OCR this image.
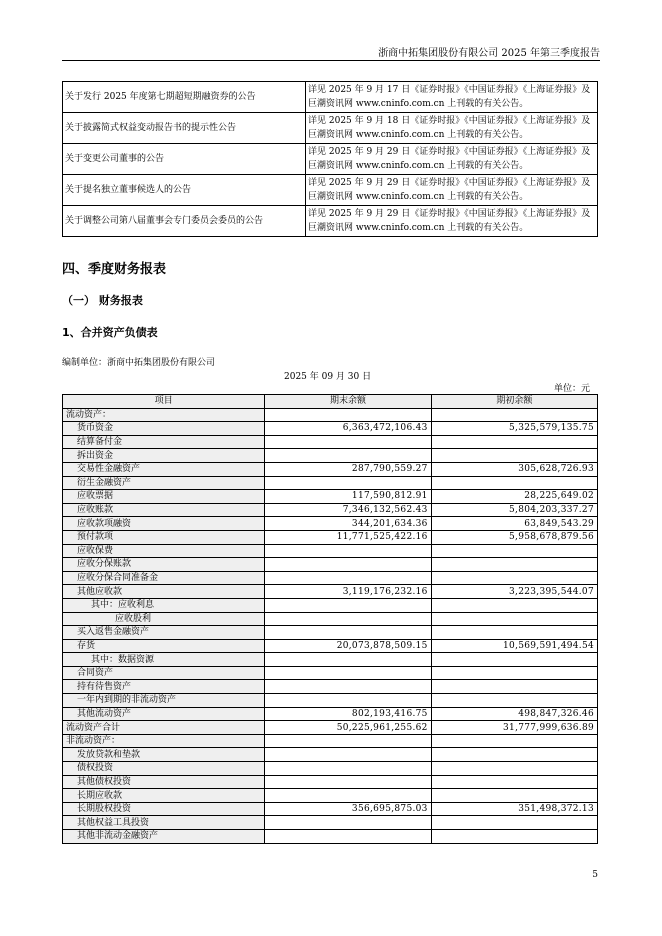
浙商中拓集团股份有限公司 2025 年第三季度报告
关于发行 2025 年度第七期超短期融资券的公告	详见 2025 年 9 月 17 日《证券时报》《中国证券报》《上海证券报》及巨潮资讯网 www.cninfo.com.cn 上刊载的有关公告。
关于披露简式权益变动报告书的提示性公告	详见 2025 年 9 月 18 日《证券时报》《中国证券报》《上海证券报》及巨潮资讯网 www.cninfo.com.cn 上刊载的有关公告。
关于变更公司董事的公告	详见 2025 年 9 月 29 日《证券时报》《中国证券报》《上海证券报》及巨潮资讯网 www.cninfo.com.cn 上刊载的有关公告。
关于提名独立董事候选人的公告	详见 2025 年 9 月 29 日《证券时报》《中国证券报》《上海证券报》及巨潮资讯网 www.cninfo.com.cn 上刊载的有关公告。
关于调整公司第八届董事会专门委员会委员的公告	详见 2025 年 9 月 29 日《证券时报》《中国证券报》《上海证券报》及巨潮资讯网 www.cninfo.com.cn 上刊载的有关公告。
四、季度财务报表
（一） 财务报表
1、合并资产负债表
编制单位：浙商中拓集团股份有限公司
2025 年 09 月 30 日
单位：元
项目	期末余额	期初余额
流动资产：		
货币资金	6,363,472,106.43	5,325,579,135.75
结算备付金		
拆出资金		
交易性金融资产	287,790,559.27	305,628,726.93
衍生金融资产		
应收票据	117,590,812.91	28,225,649.02
应收账款	7,346,132,562.43	5,804,203,337.27
应收款项融资	344,201,634.36	63,849,543.29
预付款项	11,771,525,422.16	5,958,678,879.56
应收保费		
应收分保账款		
应收分保合同准备金		
其他应收款	3,119,176,232.16	3,223,395,544.07
其中：应收利息		
应收股利		
买入返售金融资产		
存货	20,073,878,509.15	10,569,591,494.54
其中：数据资源		
合同资产		
持有待售资产		
一年内到期的非流动资产		
其他流动资产	802,193,416.75	498,847,326.46
流动资产合计	50,225,961,255.62	31,777,999,636.89
非流动资产：		
发放贷款和垫款		
债权投资		
其他债权投资		
长期应收款		
长期股权投资	356,695,875.03	351,498,372.13
其他权益工具投资		
其他非流动金融资产		
5
